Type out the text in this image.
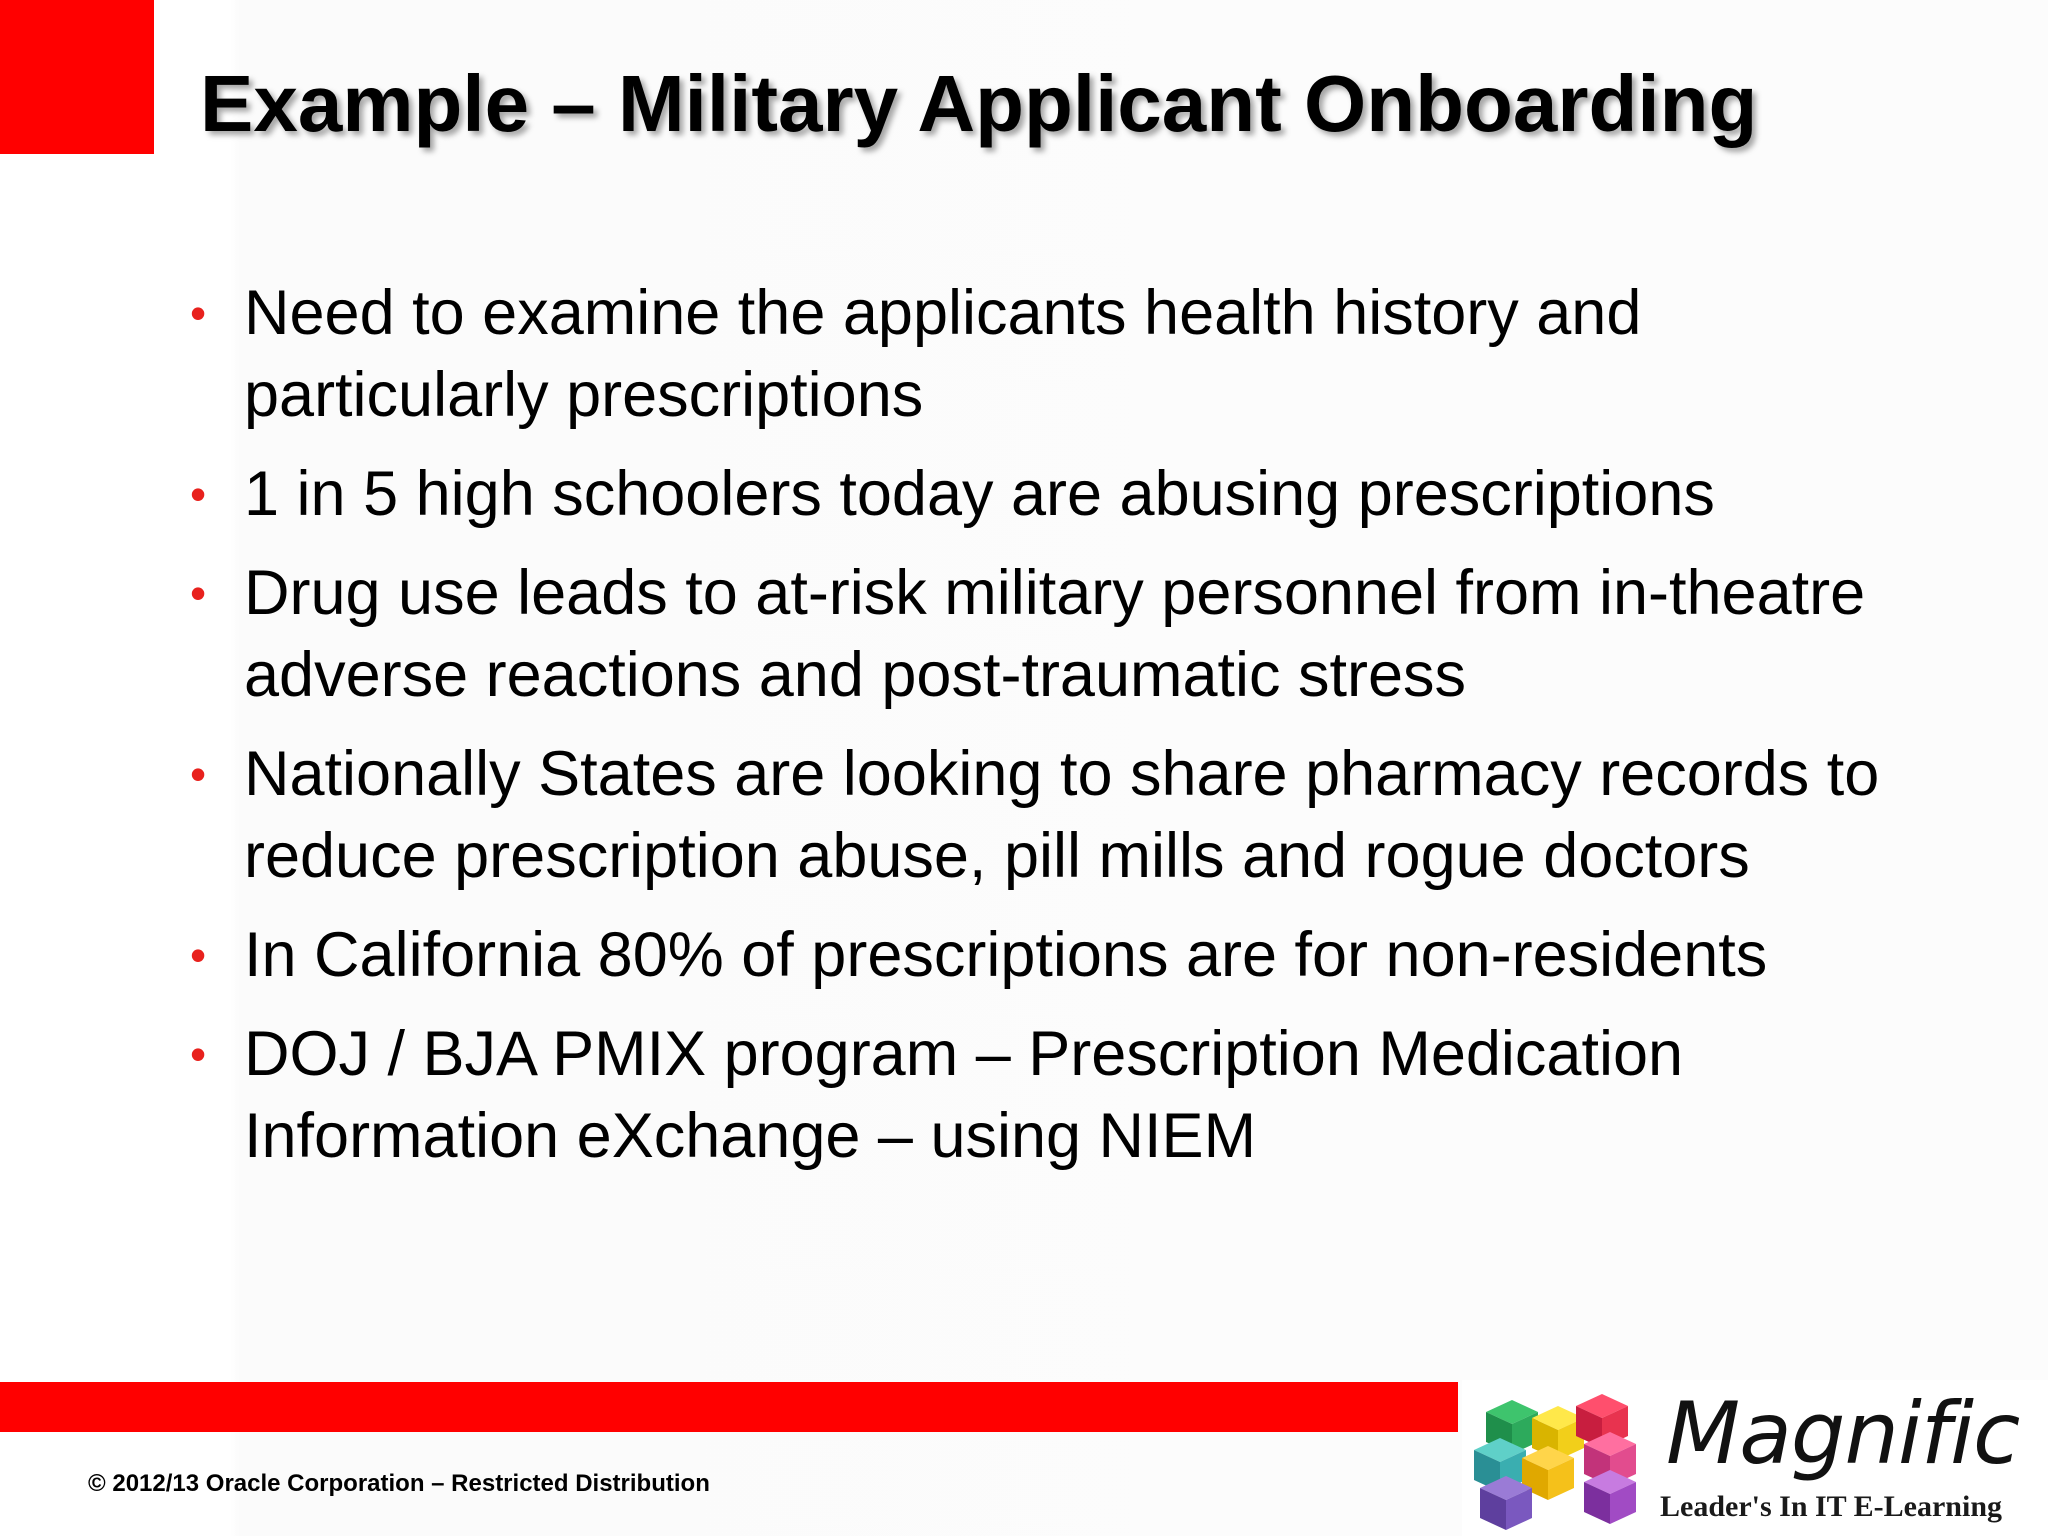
Example – Military Applicant Onboarding
• Need to examine the applicants health history and particularly prescriptions
• 1 in 5 high schoolers today are abusing prescriptions
• Drug use leads to at-risk military personnel from in-theatre adverse reactions and post-traumatic stress
• Nationally States are looking to share pharmacy records to reduce prescription abuse, pill mills and rogue doctors
• In California 80% of prescriptions are for non-residents
• DOJ / BJA PMIX program – Prescription Medication Information eXchange – using NIEM
© 2012/13 Oracle Corporation – Restricted Distribution	Magnific
Leader's In IT E-Learning
